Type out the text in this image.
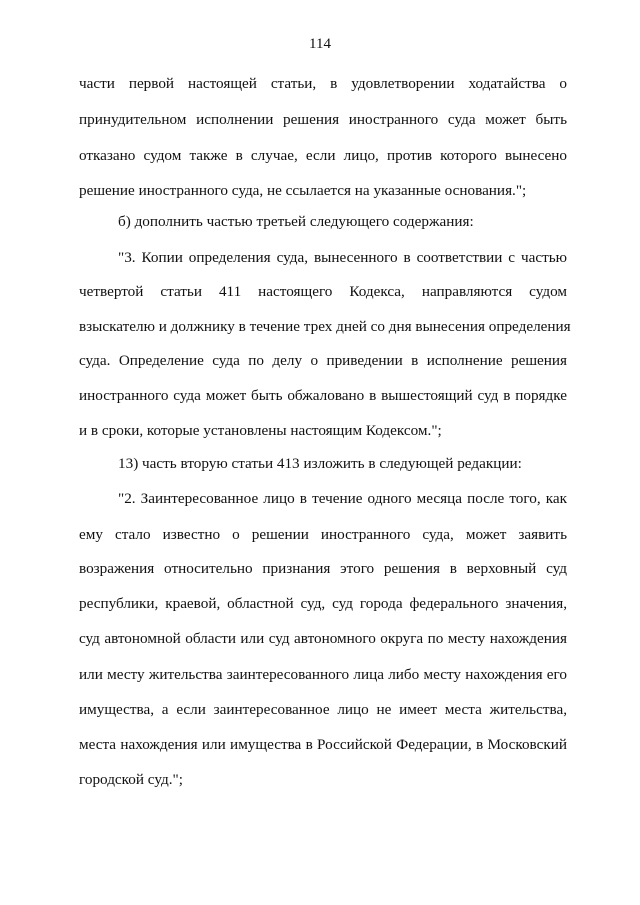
114
части первой настоящей статьи, в удовлетворении ходатайства о
принудительном исполнении решения иностранного суда может быть
отказано судом также в случае, если лицо, против которого вынесено
решение иностранного суда, не ссылается на указанные основания.";
б) дополнить частью третьей следующего содержания:
"3. Копии определения суда, вынесенного в соответствии с частью
четвертой статьи 411 настоящего Кодекса, направляются судом
взыскателю и должнику в течение трех дней со дня вынесения определения
суда. Определение суда по делу о приведении в исполнение решения
иностранного суда может быть обжаловано в вышестоящий суд в порядке
и в сроки, которые установлены настоящим Кодексом.";
13) часть вторую статьи 413 изложить в следующей редакции:
"2. Заинтересованное лицо в течение одного месяца после того, как
ему стало известно о решении иностранного суда, может заявить
возражения относительно признания этого решения в верховный суд
республики, краевой, областной суд, суд города федерального значения,
суд автономной области или суд автономного округа по месту нахождения
или месту жительства заинтересованного лица либо месту нахождения его
имущества, а если заинтересованное лицо не имеет места жительства,
места нахождения или имущества в Российской Федерации, в Московский
городской суд.";
